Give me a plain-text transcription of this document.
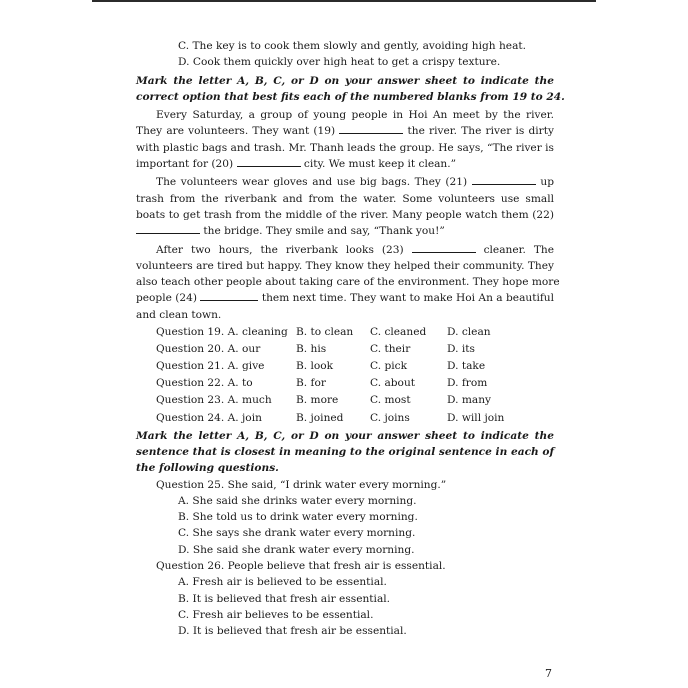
C. The key is to cook them slowly and gently, avoiding high heat.
D. Cook them quickly over high heat to get a crispy texture.
Mark the letter A, B, C, or D on your answer sheet to indicate the
correct option that best fits each of the numbered blanks from 19 to 24.
Every Saturday, a group of young people in Hoi An meet by the river.
They are volunteers. They want (19)	the river. The river is dirty
with plastic bags and trash. Mr. Thanh leads the group. He says, “The river is
important for (20)	city. We must keep it clean.”
The volunteers wear gloves and use big bags. They (21)	up
trash from the riverbank and from the water. Some volunteers use small
boats to get trash from the middle of the river. Many people watch them (22)
the bridge. They smile and say, “Thank you!”
After two hours, the riverbank looks (23)	cleaner. The
volunteers are tired but happy. They know they helped their community. They
also teach other people about taking care of the environment. They hope more
people (24)	them next time. They want to make Hoi An a beautiful
and clean town.
Question 19. A. cleaning	B. to clean	C. cleaned	D. clean
Question 20. A. our	B. his	C. their	D. its
Question 21. A. give	B. look	C. pick	D. take
Question 22. A. to	B. for	C. about	D. from
Question 23. A. much	B. more	C. most	D. many
Question 24. A. join	B. joined	C. joins	D. will join
Mark the letter A, B, C, or D on your answer sheet to indicate the
sentence that is closest in meaning to the original sentence in each of
the following questions.
Question 25. She said, “I drink water every morning.”
A. She said she drinks water every morning.
B. She told us to drink water every morning.
C. She says she drank water every morning.
D. She said she drank water every morning.
Question 26. People believe that fresh air is essential.
A. Fresh air is believed to be essential.
B. It is believed that fresh air essential.
C. Fresh air believes to be essential.
D. It is believed that fresh air be essential.
7
